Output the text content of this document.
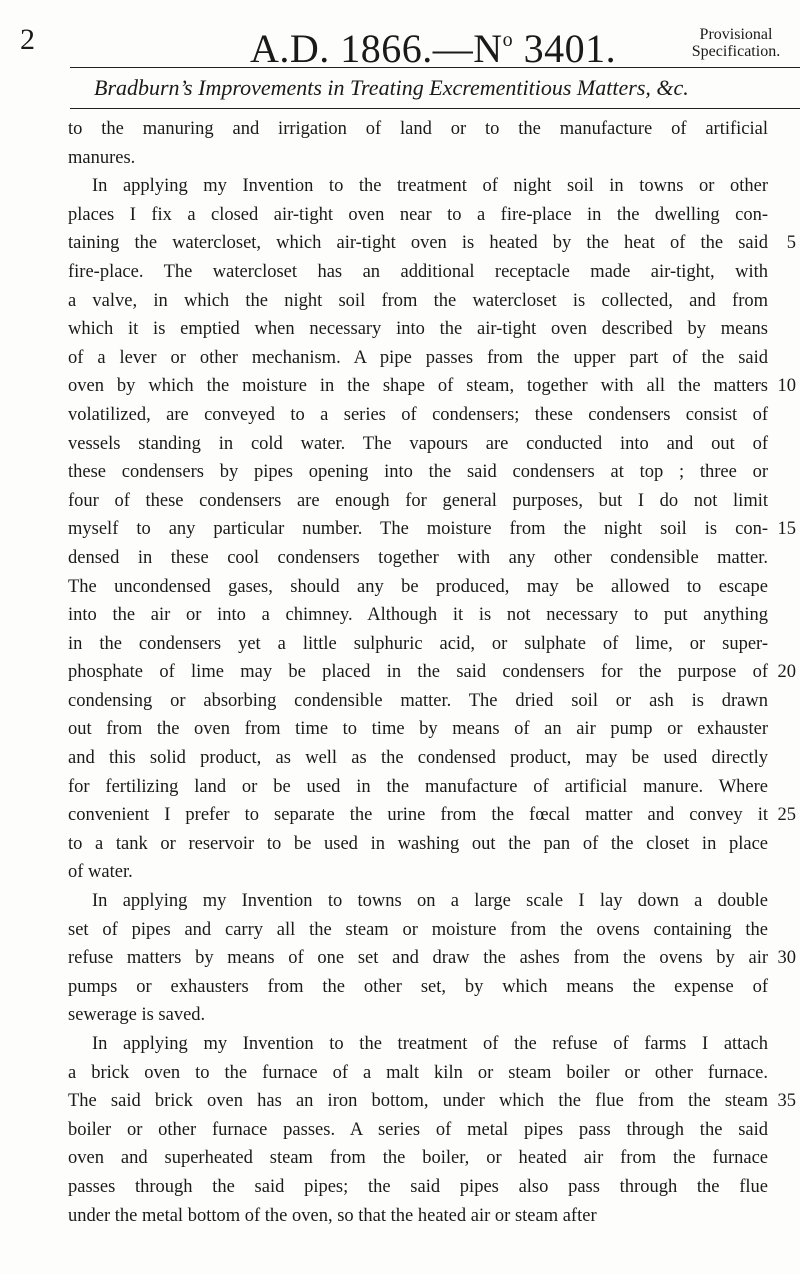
2	A.D. $1866.—N^o$ 3401.	Provisional
Specification.
Bradburn’s Improvements in Treating Excrementitious Matters, &c.
to the manuring and irrigation of land or to the manufacture of artificial
manures.
In applying my Invention to the treatment of night soil in towns or other
places I fix a closed air-tight oven near to a fire-place in the dwelling con-
taining the watercloset, which air-tight oven is heated by the heat of the said
fire-place. The watercloset has an additional receptacle made air-tight, with
a valve, in which the night soil from the watercloset is collected, and from
which it is emptied when necessary into the air-tight oven described by means
of a lever or other mechanism. A pipe passes from the upper part of the said
oven by which the moisture in the shape of steam, together with all the matters
volatilized, are conveyed to a series of condensers; these condensers consist of
vessels standing in cold water. The vapours are conducted into and out of
these condensers by pipes opening into the said condensers at top ; three or
four of these condensers are enough for general purposes, but I do not limit
myself to any particular number. The moisture from the night soil is con-
densed in these cool condensers together with any other condensible matter.
The uncondensed gases, should any be produced, may be allowed to escape
into the air or into a chimney. Although it is not necessary to put anything
in the condensers yet a little sulphuric acid, or sulphate of lime, or super-
phosphate of lime may be placed in the said condensers for the purpose of
condensing or absorbing condensible matter. The dried soil or ash is drawn
out from the oven from time to time by means of an air pump or exhauster
and this solid product, as well as the condensed product, may be used directly
for fertilizing land or be used in the manufacture of artificial manure. Where
convenient I prefer to separate the urine from the fœcal matter and convey it
to a tank or reservoir to be used in washing out the pan of the closet in place
of water.
In applying my Invention to towns on a large scale I lay down a double
set of pipes and carry all the steam or moisture from the ovens containing the
refuse matters by means of one set and draw the ashes from the ovens by air
pumps or exhausters from the other set, by which means the expense of
sewerage is saved.
In applying my Invention to the treatment of the refuse of farms I attach
a brick oven to the furnace of a malt kiln or steam boiler or other furnace.
The said brick oven has an iron bottom, under which the flue from the steam
boiler or other furnace passes. A series of metal pipes pass through the said
oven and superheated steam from the boiler, or heated air from the furnace
passes through the said pipes; the said pipes also pass through the flue
under the metal bottom of the oven, so that the heated air or steam after
5
10
15
20
25
30
35
